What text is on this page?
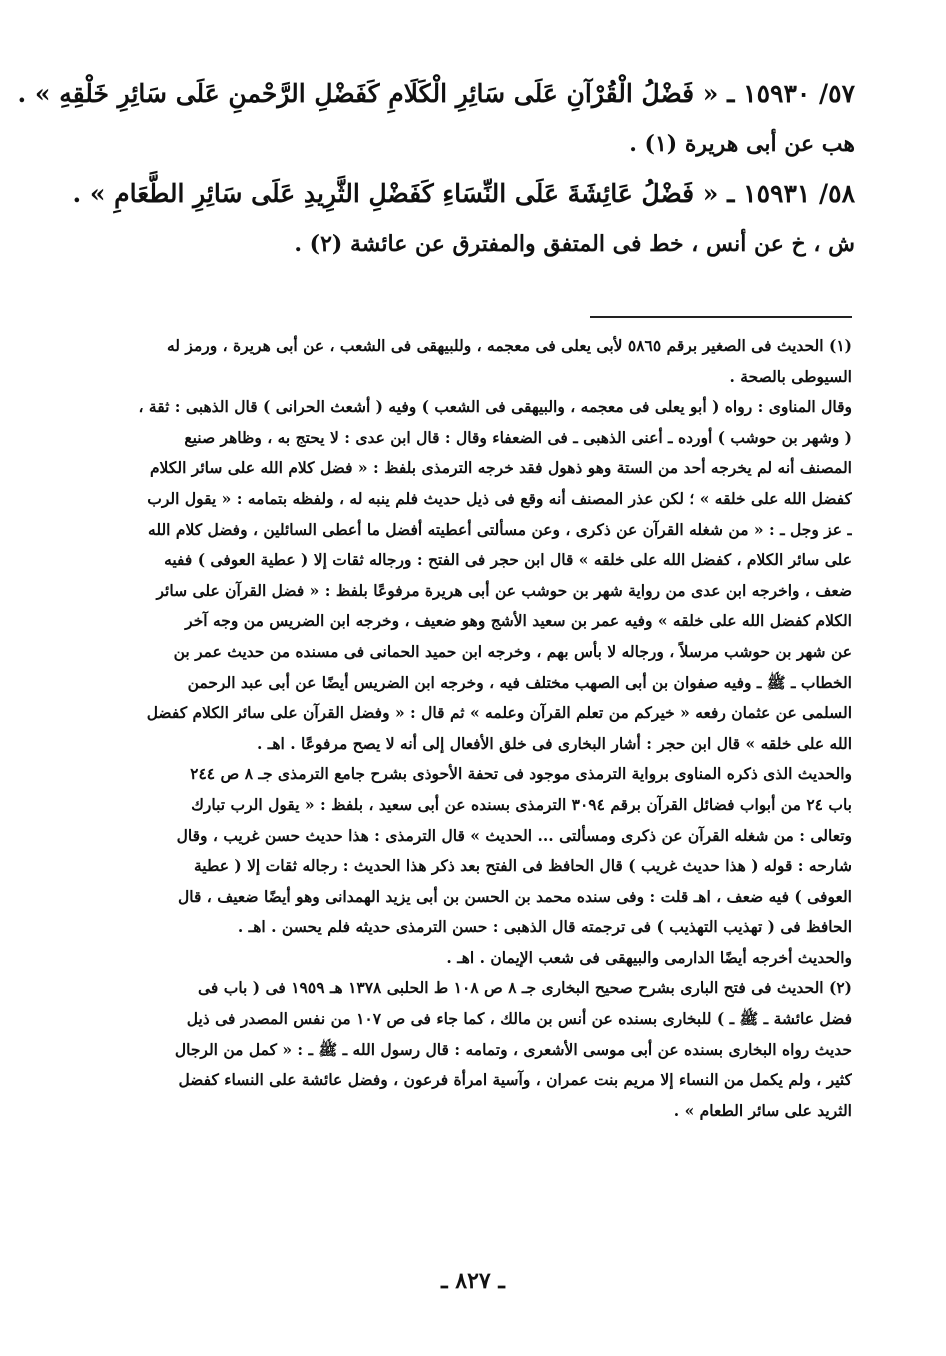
٥٧/ ١٥٩٣٠ ـ « فَضْلُ الْقُرْآنِ عَلَى سَائِرِ الْكَلَامِ كَفَضْلِ الرَّحْمنِ عَلَى سَائِرِ خَلْقِهِ » .
هب عن أبى هريرة (١) .
٥٨/ ١٥٩٣١ ـ « فَضْلُ عَائِشَةَ عَلَى النِّسَاءِ كَفَضْلِ الثَّرِيدِ عَلَى سَائِرِ الطَّعَامِ » .
ش ، خ عن أنس ، خط فى المتفق والمفترق عن عائشة (٢) .
(١) الحديث فى الصغير برقم ٥٨٦٥ لأبى يعلى فى معجمه ، وللبيهقى فى الشعب ، عن أبى هريرة ، ورمز له
السيوطى بالصحة .
وقال المناوى : رواه ( أبو يعلى فى معجمه ، والبيهقى فى الشعب ) وفيه ( أشعث الحرانى ) قال الذهبى : ثقة ،
( وشهر بن حوشب ) أورده ـ أعنى الذهبى ـ فى الضعفاء وقال : قال ابن عدى : لا يحتج به ، وظاهر صنيع
المصنف أنه لم يخرجه أحد من الستة وهو ذهول فقد خرجه الترمذى بلفظ : « فضل كلام الله على سائر الكلام
كفضل الله على خلقه » ؛ لكن عذر المصنف أنه وقع فى ذيل حديث فلم ينبه له ، ولفظه بتمامه : « يقول الرب
ـ عز وجل ـ : « من شغله القرآن عن ذكرى ، وعن مسألتى أعطيته أفضل ما أعطى السائلين ، وفضل كلام الله
على سائر الكلام ، كفضل الله على خلقه » قال ابن حجر فى الفتح : ورجاله ثقات إلا ( عطية العوفى ) ففيه
ضعف ، واخرجه ابن عدى من رواية شهر بن حوشب عن أبى هريرة مرفوعًا بلفظ : « فضل القرآن على سائر
الكلام كفضل الله على خلقه » وفيه عمر بن سعيد الأشج وهو ضعيف ، وخرجه ابن الضريس من وجه آخر
عن شهر بن حوشب مرسلاً ، ورجاله لا بأس بهم ، وخرجه ابن حميد الحمانى فى مسنده من حديث عمر بن
الخطاب ـ ﷺ ـ وفيه صفوان بن أبى الصهب مختلف فيه ، وخرجه ابن الضريس أيضًا عن أبى عبد الرحمن
السلمى عن عثمان رفعه « خيركم من تعلم القرآن وعلمه » ثم قال : « وفضل القرآن على سائر الكلام كفضل
الله على خلقه » قال ابن حجر : أشار البخارى فى خلق الأفعال إلى أنه لا يصح مرفوعًا . اهـ .
والحديث الذى ذكره المناوى برواية الترمذى موجود فى تحفة الأحوذى بشرح جامع الترمذى جـ ٨ ص ٢٤٤
باب ٢٤ من أبواب فضائل القرآن برقم ٣٠٩٤ الترمذى بسنده عن أبى سعيد ، بلفظ : « يقول الرب تبارك
وتعالى : من شغله القرآن عن ذكرى ومسألتى ... الحديث » قال الترمذى : هذا حديث حسن غريب ، وقال
شارحه : قوله ( هذا حديث غريب ) قال الحافظ فى الفتح بعد ذكر هذا الحديث : رجاله ثقات إلا ( عطية
العوفى ) فيه ضعف ، اهـ قلت : وفى سنده محمد بن الحسن بن أبى يزيد الهمدانى وهو أيضًا ضعيف ، قال
الحافظ فى ( تهذيب التهذيب ) فى ترجمته قال الذهبى : حسن الترمذى حديثه فلم يحسن . اهـ .
والحديث أخرجه أيضًا الدارمى والبيهقى فى شعب الإيمان . اهـ .
(٢) الحديث فى فتح البارى بشرح صحيح البخارى جـ ٨ ص ١٠٨ ط الحلبى ١٣٧٨ هـ ١٩٥٩ فى ( باب فى
فضل عائشة ـ ﷺ ـ ) للبخارى بسنده عن أنس بن مالك ، كما جاء فى ص ١٠٧ من نفس المصدر فى ذيل
حديث رواه البخارى بسنده عن أبى موسى الأشعرى ، وتمامه : قال رسول الله ـ ﷺ ـ : « كمل من الرجال
كثير ، ولم يكمل من النساء إلا مريم بنت عمران ، وآسية امرأة فرعون ، وفضل عائشة على النساء كفضل
الثريد على سائر الطعام » .
ـ ٨٢٧ ـ
